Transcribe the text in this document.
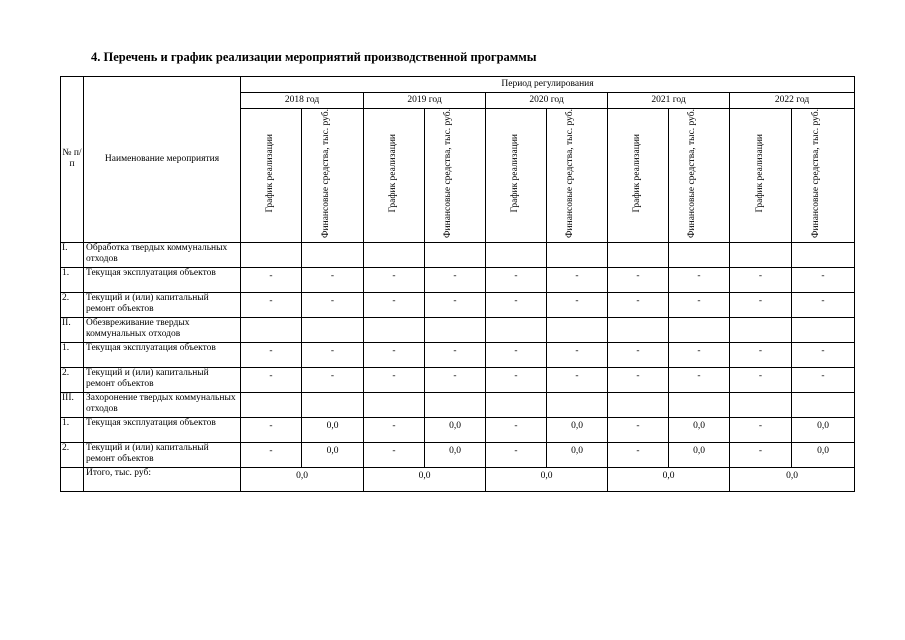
4. Перечень и график реализации мероприятий производственной программы
№ п/п	Наименование мероприятия	Период регулирования									
		2018 год		2019 год		2020 год		2021 год		2022 год	
		График реализации	Финансовые средства, тыс. руб.	График реализации	Финансовые средства, тыс. руб.	График реализации	Финансовые средства, тыс. руб.	График реализации	Финансовые средства, тыс. руб.	График реализации	Финансовые средства, тыс. руб.
I.	Обработка твердых коммунальных отходов										
1.	Текущая эксплуатация объектов	-	-	-	-	-	-	-	-	-	-
2.	Текущий и (или) капитальный ремонт объектов	-	-	-	-	-	-	-	-	-	-
II.	Обезвреживание твердых коммунальных отходов										
1.	Текущая эксплуатация объектов	-	-	-	-	-	-	-	-	-	-
2.	Текущий и (или) капитальный ремонт объектов	-	-	-	-	-	-	-	-	-	-
III.	Захоронение твердых коммунальных отходов										
1.	Текущая эксплуатация объектов	-	0,0	-	0,0	-	0,0	-	0,0	-	0,0
2.	Текущий и (или) капитальный ремонт объектов	-	0,0	-	0,0	-	0,0	-	0,0	-	0,0
	Итого, тыс. руб:	0,0		0,0		0,0		0,0		0,0	
